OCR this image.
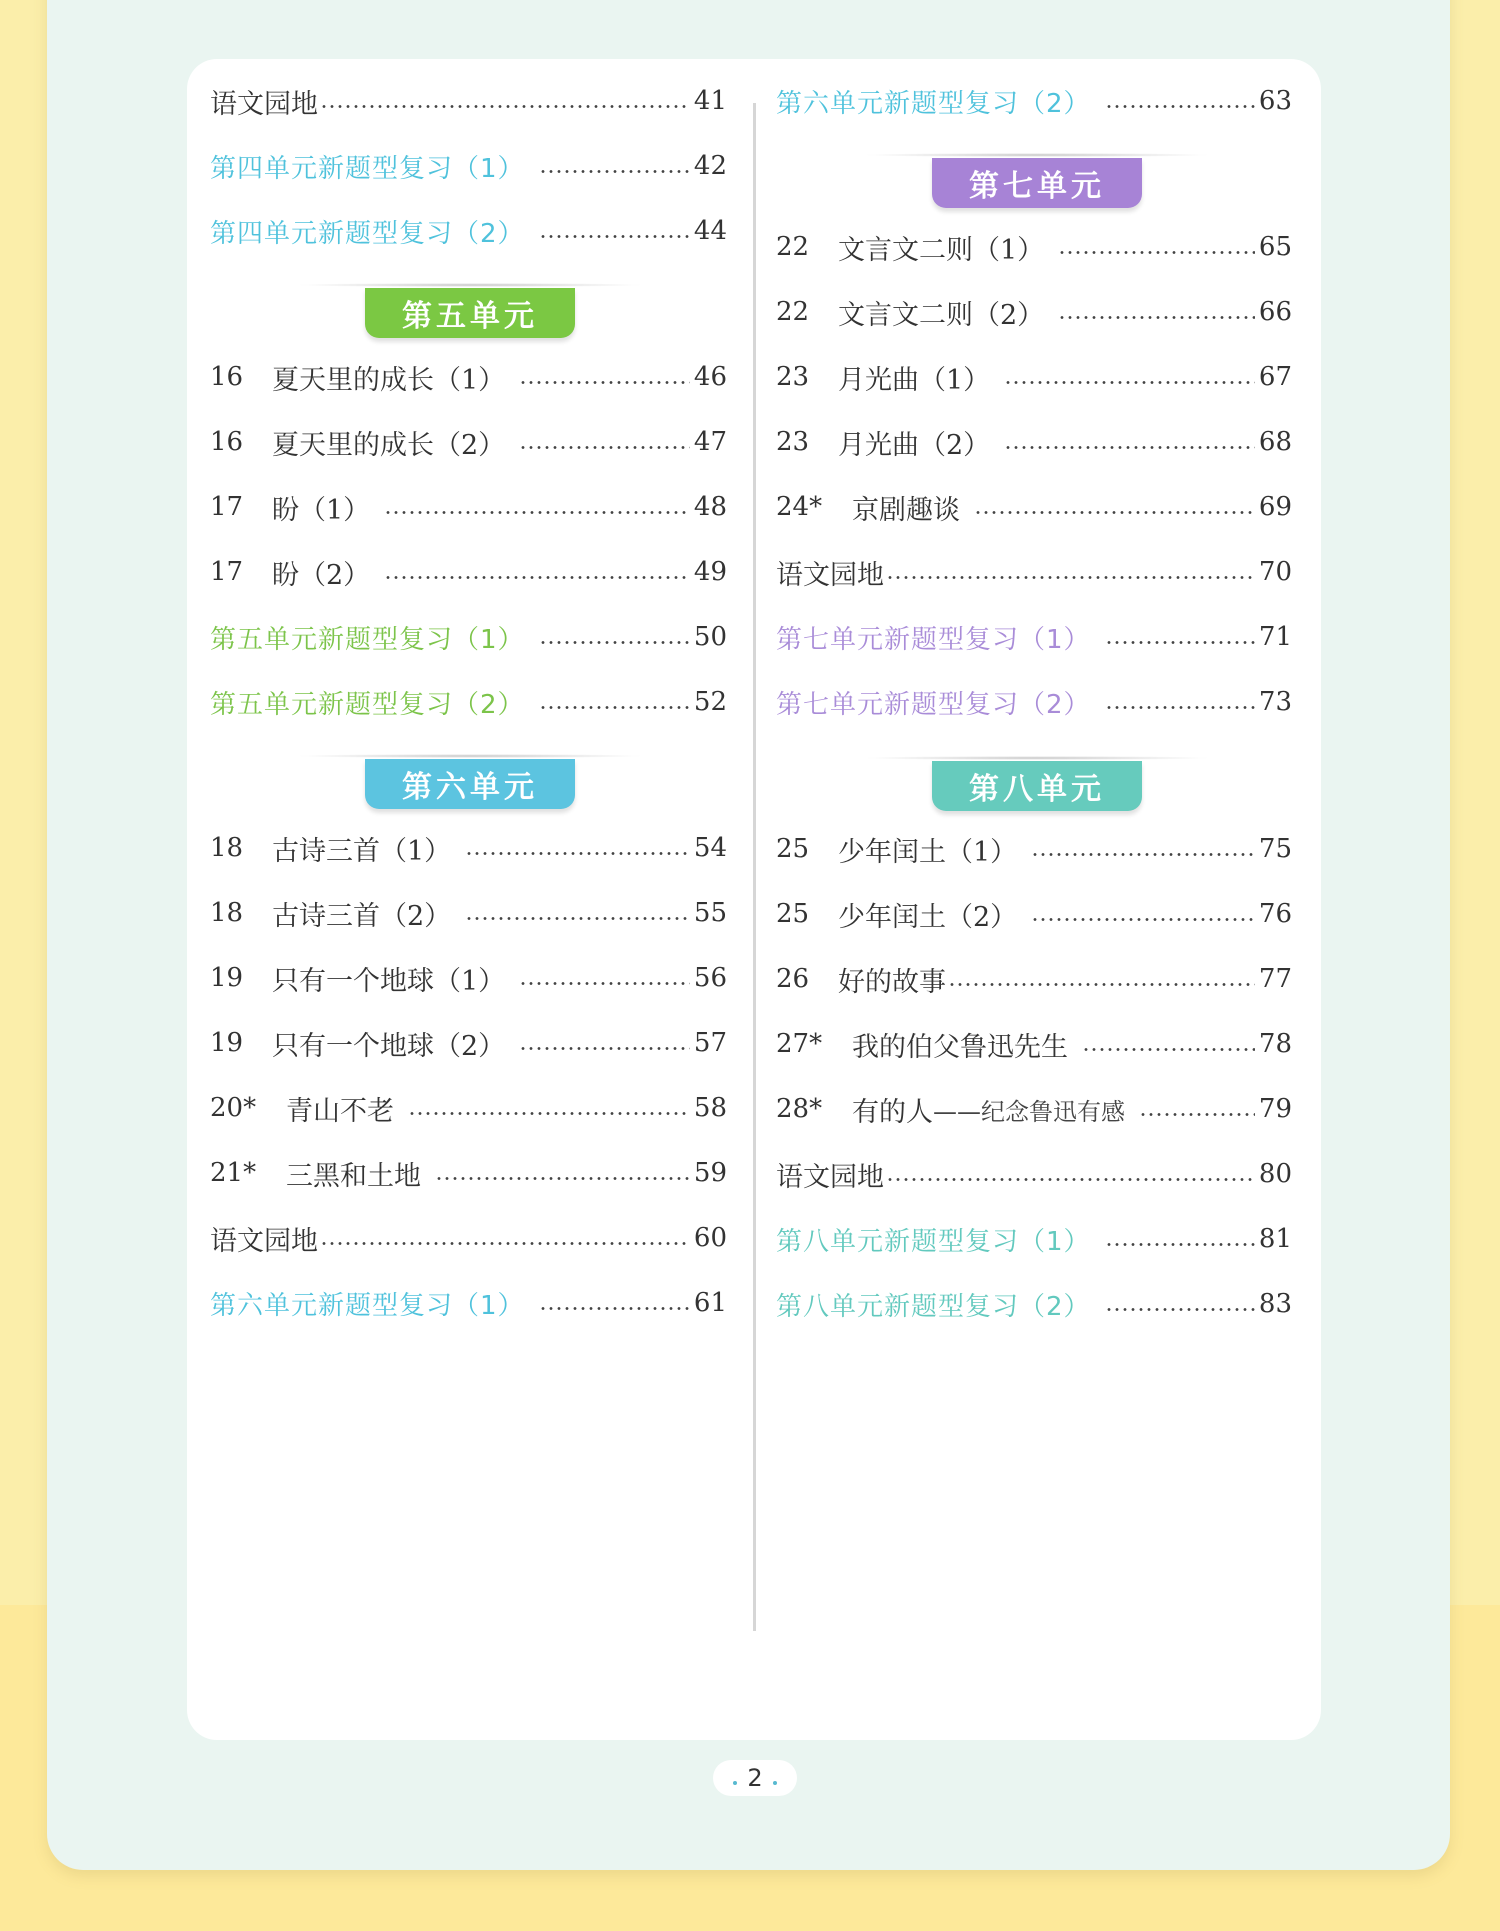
语文园地	41
第四单元新题型复习（1）	42
第四单元新题型复习（2）	44
第五单元
16	夏天里的成长（1）	46
16	夏天里的成长（2）	47
17	盼（1）	48
17	盼（2）	49
第五单元新题型复习（1）	50
第五单元新题型复习（2）	52
第六单元
18	古诗三首（1）	54
18	古诗三首（2）	55
19	只有一个地球（1）	56
19	只有一个地球（2）	57
20*	青山不老	58
21*	三黑和土地	59
语文园地	60
第六单元新题型复习（1）	61
第六单元新题型复习（2）	63
第七单元
22	文言文二则（1）	65
22	文言文二则（2）	66
23	月光曲（1）	67
23	月光曲（2）	68
24*	京剧趣谈	69
语文园地	70
第七单元新题型复习（1）	71
第七单元新题型复习（2）	73
第八单元
25	少年闰土（1）	75
25	少年闰土（2）	76
26	好的故事	77
27*	我的伯父鲁迅先生	78
28*	有的人 ——纪念鲁迅有感	79
语文园地	80
第八单元新题型复习（1）	81
第八单元新题型复习（2）	83
2
